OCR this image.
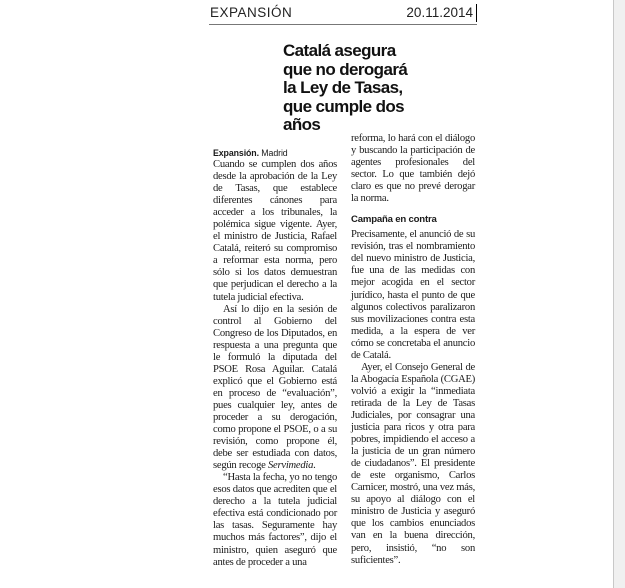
EXPANSIÓN	20.11.2014
Catalá asegura que no derogará la Ley de Tasas, que cumple dos años
Expansión. Madrid

Cuando se cumplen dos años desde la aprobación de la Ley de Tasas, que establece diferentes cánones para acceder a los tribunales, la polémica sigue vigente. Ayer, el ministro de Justicia, Rafael Catalá, reiteró su compromiso a reformar esta norma, pero sólo si los datos demuestran que perjudican el derecho a la tutela judicial efectiva.

Así lo dijo en la sesión de control al Gobierno del Congreso de los Diputados, en respuesta a una pregunta que le formuló la diputada del PSOE Rosa Aguilar. Catalá explicó que el Gobierno está en proceso de “evaluación”, pues cualquier ley, antes de proceder a su derogación, como propone el PSOE, o a su revisión, como propone él, debe ser estudiada con datos, según recoge Servimedia.

“Hasta la fecha, yo no tengo esos datos que acrediten que el derecho a la tutela judicial efectiva está condicionado por las tasas. Seguramente hay muchos más factores”, dijo el ministro, quien aseguró que antes de proceder a una

reforma, lo hará con el diálogo y buscando la participación de agentes profesionales del sector. Lo que también dejó claro es que no prevé derogar la norma.

Campaña en contra

Precisamente, el anunció de su revisión, tras el nombramiento del nuevo ministro de Justicia, fue una de las medidas con mejor acogida en el sector jurídico, hasta el punto de que algunos colectivos paralizaron sus movilizaciones contra esta medida, a la espera de ver cómo se concretaba el anuncio de Catalá.

Ayer, el Consejo General de la Abogacía Española (CGAE) volvió a exigir la “inmediata retirada de la Ley de Tasas Judiciales, por consagrar una justicia para ricos y otra para pobres, impidiendo el acceso a la justicia de un gran número de ciudadanos”. El presidente de este organismo, Carlos Carnicer, mostró, una vez más, su apoyo al diálogo con el ministro de Justicia y aseguró que los cambios enunciados van en la buena dirección, pero, insistió, “no son suficientes”.
